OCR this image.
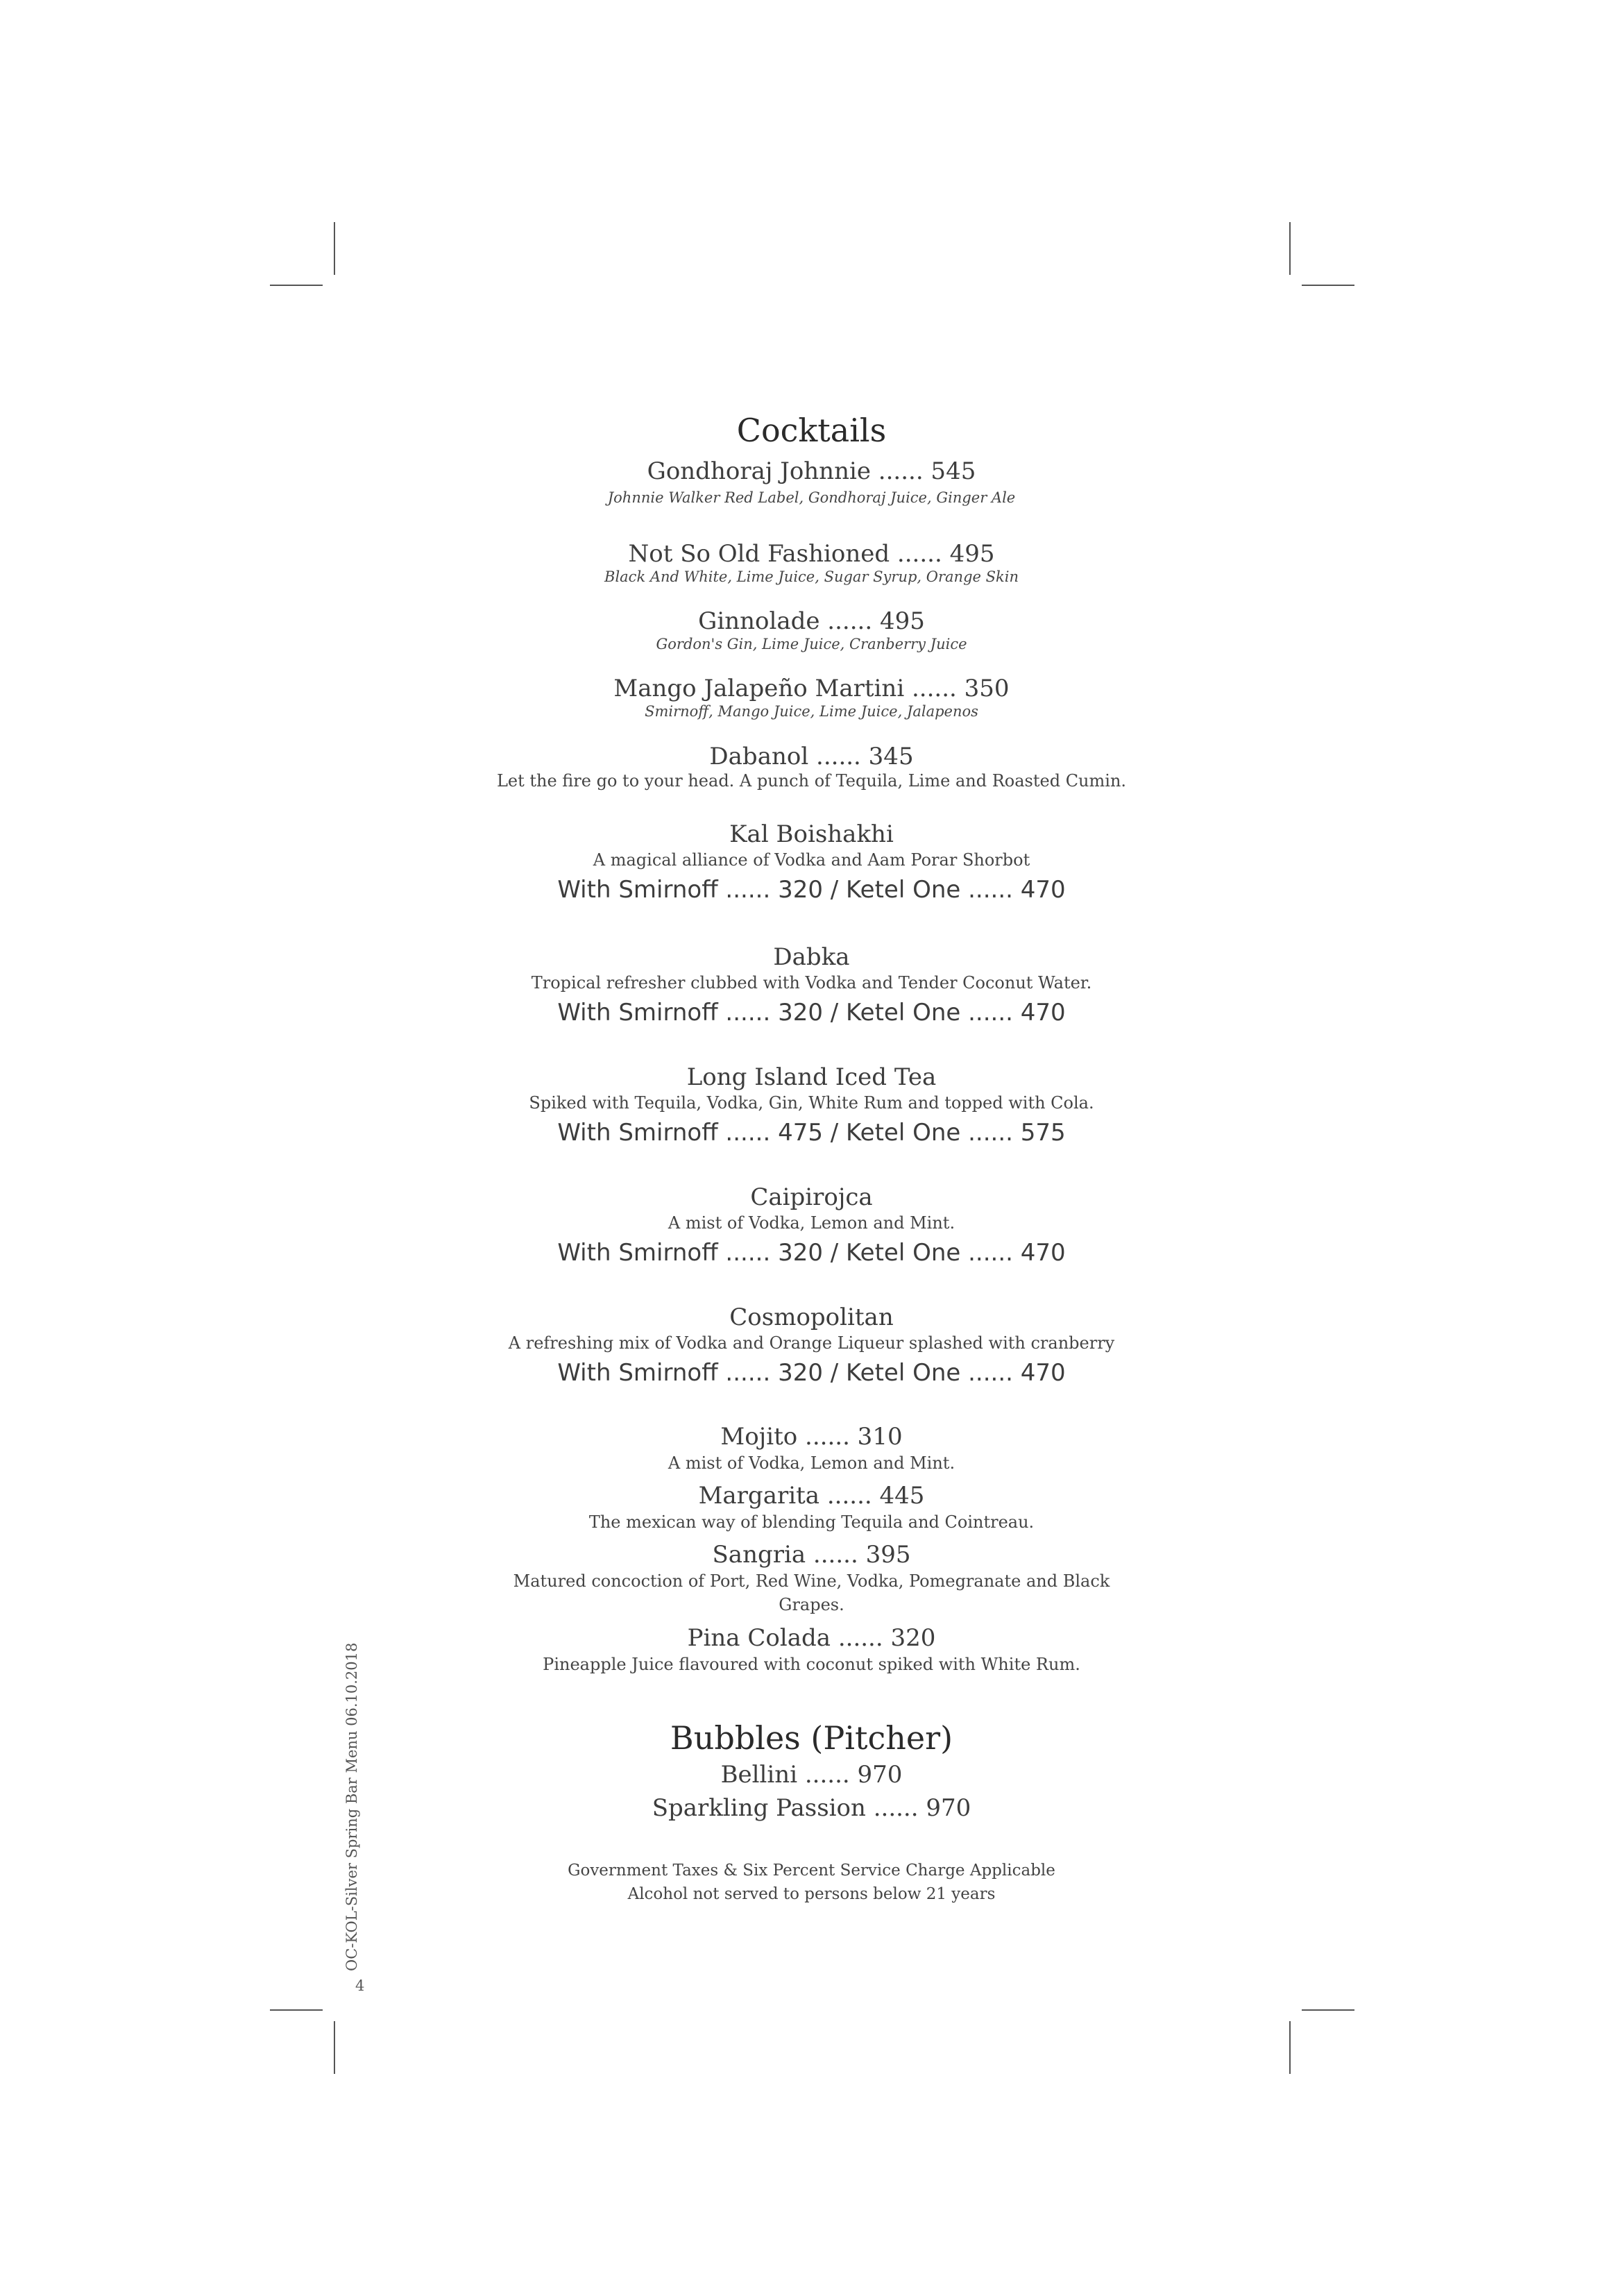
OC-KOL-Silver Spring Bar Menu 06.10.2018
4
Cocktails
Gondhoraj Johnnie ...... 545
Johnnie Walker Red Label, Gondhoraj Juice, Ginger Ale
Not So Old Fashioned ...... 495
Black And White, Lime Juice, Sugar Syrup, Orange Skin
Ginnolade ...... 495
Gordon's Gin, Lime Juice, Cranberry Juice
Mango Jalapeño Martini ...... 350
Smirnoff, Mango Juice, Lime Juice, Jalapenos
Dabanol ...... 345
Let the fire go to your head. A punch of Tequila, Lime and Roasted Cumin.
Kal Boishakhi
A magical alliance of Vodka and Aam Porar Shorbot
With Smirnoff ...... 320 / Ketel One ...... 470
Dabka
Tropical refresher clubbed with Vodka and Tender Coconut Water.
With Smirnoff ...... 320 / Ketel One ...... 470
Long Island Iced Tea
Spiked with Tequila, Vodka, Gin, White Rum and topped with Cola.
With Smirnoff ...... 475 / Ketel One ...... 575
Caipirojca
A mist of Vodka, Lemon and Mint.
With Smirnoff ...... 320 / Ketel One ...... 470
Cosmopolitan
A refreshing mix of Vodka and Orange Liqueur splashed with cranberry
With Smirnoff ...... 320 / Ketel One ...... 470
Mojito ...... 310
A mist of Vodka, Lemon and Mint.
Margarita ...... 445
The mexican way of blending Tequila and Cointreau.
Sangria ...... 395
Matured concoction of Port, Red Wine, Vodka, Pomegranate and Black
Grapes.
Pina Colada ...... 320
Pineapple Juice flavoured with coconut spiked with White Rum.
Bubbles (Pitcher)
Bellini ...... 970
Sparkling Passion ...... 970
Government Taxes & Six Percent Service Charge Applicable
Alcohol not served to persons below 21 years
